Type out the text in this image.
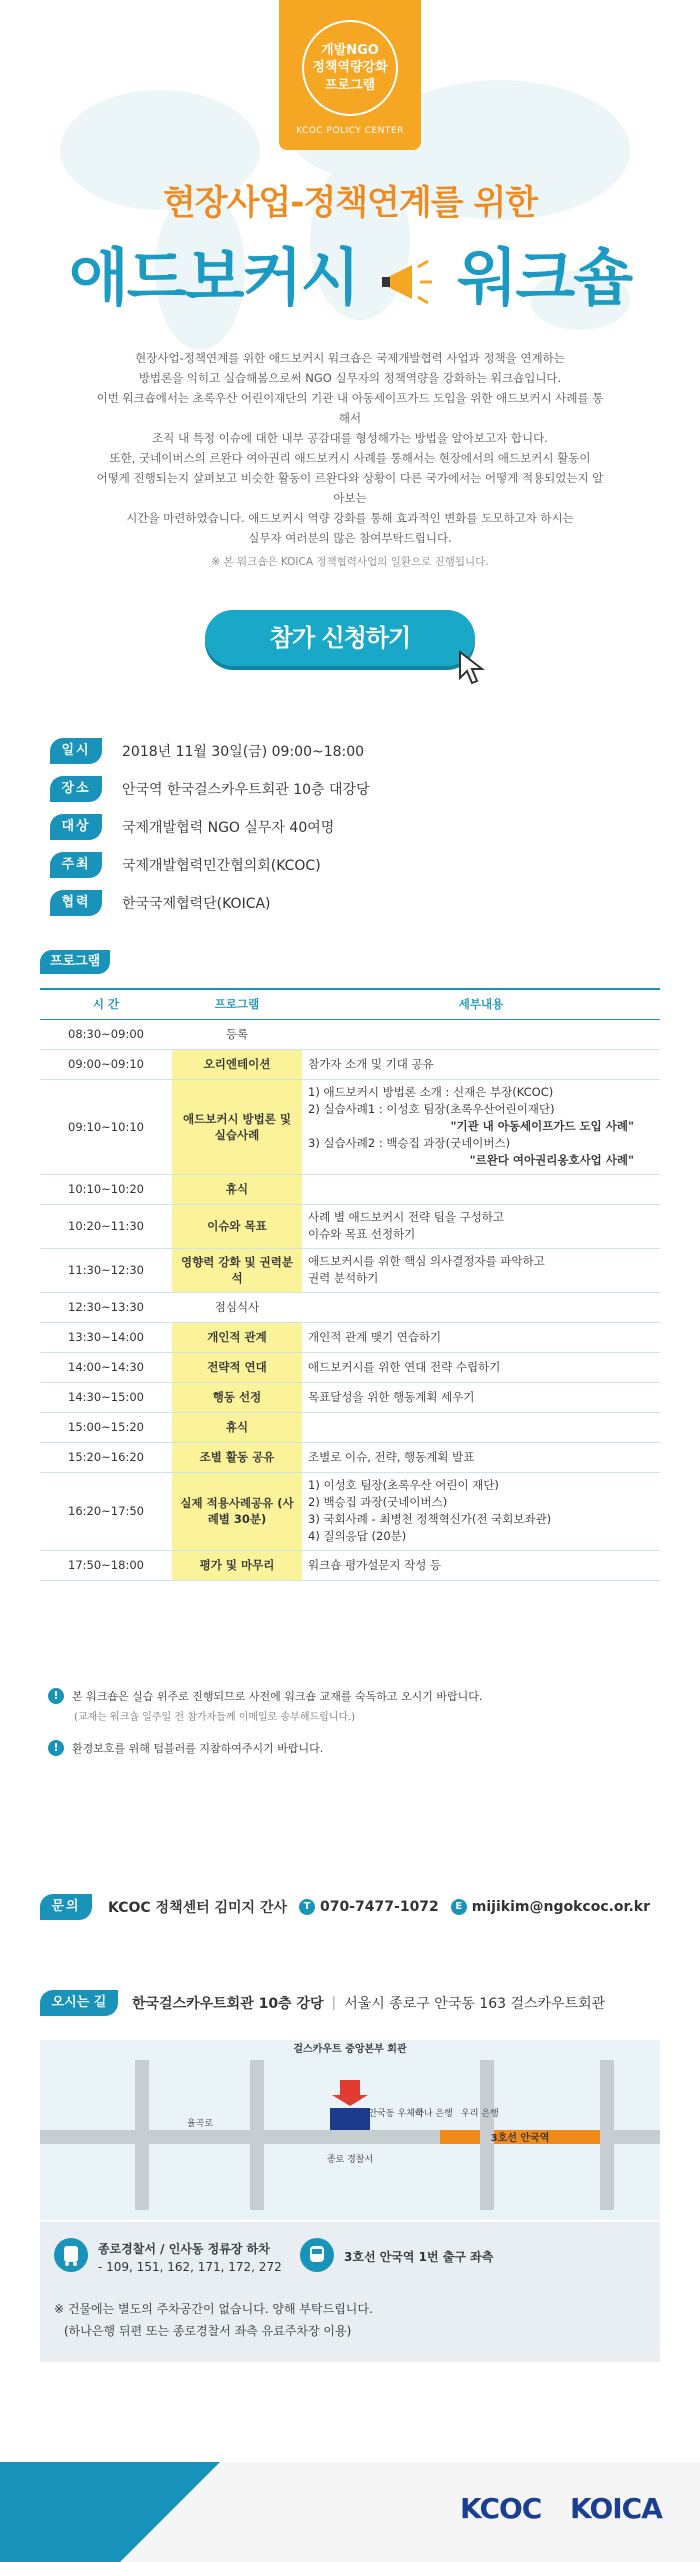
개발NGO
정책역량강화
프로그램
KCOC POLICY CENTER
현장사업-정책연계를 위한
애드보커시 워크숍
현장사업-정책연계를 위한 애드보커시 워크숍은 국제개발협력 사업과 정책을 연계하는
방법론을 익히고 실습해봄으로써 NGO 실무자의 정책역량을 강화하는 워크숍입니다.
이번 워크숍에서는 초록우산 어린이재단의 기관 내 아동세이프가드 도입을 위한 애드보커시 사례를 통해서
조직 내 특정 이슈에 대한 내부 공감대를 형성해가는 방법을 알아보고자 합니다.
또한, 굿네이버스의 르완다 여아권리 애드보커시 사례를 통해서는 현장에서의 애드보커시 활동이
어떻게 진행되는지 살펴보고 비슷한 활동이 르완다와 상황이 다른 국가에서는 어떻게 적용되었는지 알아보는
시간을 마련하였습니다. 애드보커시 역량 강화를 통해 효과적인 변화를 도모하고자 하시는
실무자 여러분의 많은 참여부탁드립니다.
※ 본 워크숍은 KOICA 정책협력사업의 일환으로 진행됩니다.
참가 신청하기
일시	2018년 11월 30일(금) 09:00~18:00
장소	안국역 한국걸스카우트회관 10층 대강당
대상	국제개발협력 NGO 실무자 40여명
주최	국제개발협력민간협의회(KCOC)
협력	한국국제협력단(KOICA)
프로그램
시 간	프로그램	세부내용
08:30~09:00	등록	
09:00~09:10	오리엔테이션	참가자 소개 및 기대 공유

09:10~10:10	애드보커시 방법론 및 실습사례	1) 애드보커시 방법론 소개 : 신재은 부장(KCOC)
2) 실습사례1 : 이성호 팀장(초록우산어린이재단)
"기관 내 아동세이프가드 도입 사례"
3) 실습사례2 : 백승집 과장(굿네이버스)
"르완다 여아권리옹호사업 사례"

10:10~10:20	휴식	
10:20~11:30	이슈와 목표	사례 별 애드보커시 전략 팀을 구성하고
이슈와 목표 선정하기

11:30~12:30	영향력 강화 및 권력분석	애드보커시를 위한 핵심 의사결정자를 파악하고
권력 분석하기

12:30~13:30	점심식사	
13:30~14:00	개인적 관계	개인적 관계 맺기 연습하기

14:00~14:30	전략적 연대	애드보커시를 위한 연대 전략 수립하기

14:30~15:00	행동 선정	목표달성을 위한 행동계획 세우기

15:00~15:20	휴식	
15:20~16:20	조별 활동 공유	조별로 이슈, 전략, 행동계획 발표

16:20~17:50	실제 적용사례공유 (사례별 30분)	1) 이성호 팀장(초록우산 어린이 재단)
2) 백승집 과장(굿네이버스)
3) 국회사례 - 최병천 정책혁신가(전 국회보좌관)
4) 질의응답 (20분)

17:50~18:00	평가 및 마무리	워크숍 평가설문지 작성 등
!	본 워크숍은 실습 위주로 진행되므로 사전에 워크숍 교재를 숙독하고 오시기 바랍니다.
(교재는 워크숍 일주일 전 참가자들께 이메일로 송부해드립니다.)
!	환경보호를 위해 텀블러를 지참하여주시기 바랍니다.
문의	KCOC 정책센터 김미지 간사	T 070-7477-1072	E mijikim@ngokcoc.or.kr
오시는 길	한국걸스카우트회관 10층 강당 | 서울시 종로구 안국동 163 걸스카우트회관
걸스카우트 중앙본부 회관
3호선 안국역
안국동 우체국
하나 은행 우리 은행
종로 경찰서
율곡로
종로경찰서 / 인사동 정류장 하차
- 109, 151, 162, 171, 172, 272
3호선 안국역 1번 출구 좌측
※ 건물에는 별도의 주차공간이 없습니다. 양해 부탁드립니다.
(하나은행 뒤편 또는 종로경찰서 좌측 유료주차장 이용)
KCOC KOICA
